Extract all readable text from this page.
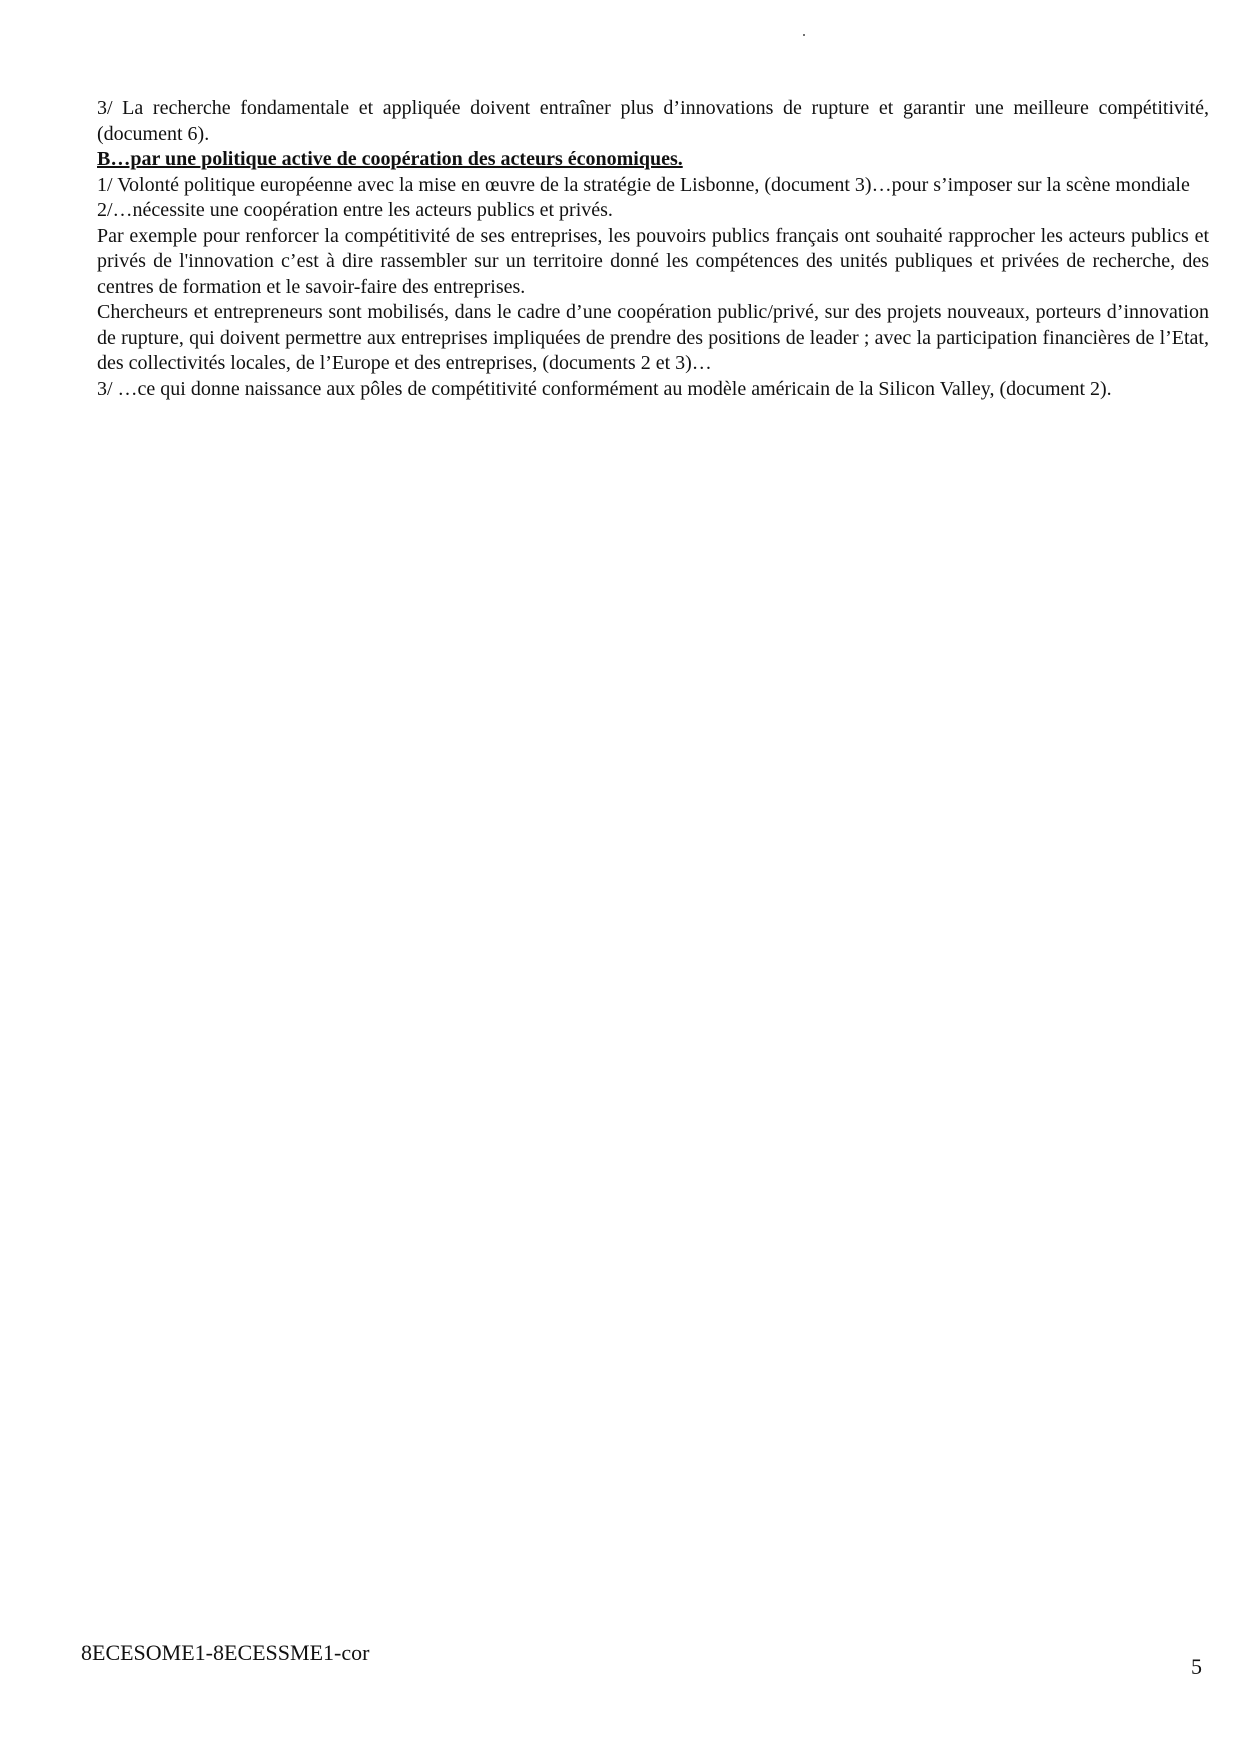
3/ La recherche fondamentale et appliquée doivent entraîner plus d’innovations de rupture et garantir une meilleure compétitivité,(document 6).

B…par une politique active de coopération des acteurs économiques.

1/ Volonté politique européenne avec la mise en œuvre de la stratégie de Lisbonne, (document 3)…pour s’imposer sur la scène mondiale

2/…nécessite une coopération entre les acteurs publics et privés.

Par exemple pour renforcer la compétitivité de ses entreprises, les pouvoirs publics français ont souhaité rapprocher les acteurs publics et privés de l'innovation c’est à dire rassembler sur un territoire donné les compétences des unités publiques et privées de recherche, des centres de formation et le savoir-faire des entreprises.

Chercheurs et entrepreneurs sont mobilisés, dans le cadre d’une coopération public/privé, sur des projets nouveaux, porteurs d’innovation de rupture, qui doivent permettre aux entreprises impliquées de prendre des positions de leader ; avec la participation financières de l’Etat, des collectivités locales, de l’Europe et des entreprises, (documents 2 et 3)…

3/ …ce qui donne naissance aux pôles de compétitivité conformément au modèle américain de la Silicon Valley, (document 2).

8ECESOME1-8ECESSME1-cor
5
